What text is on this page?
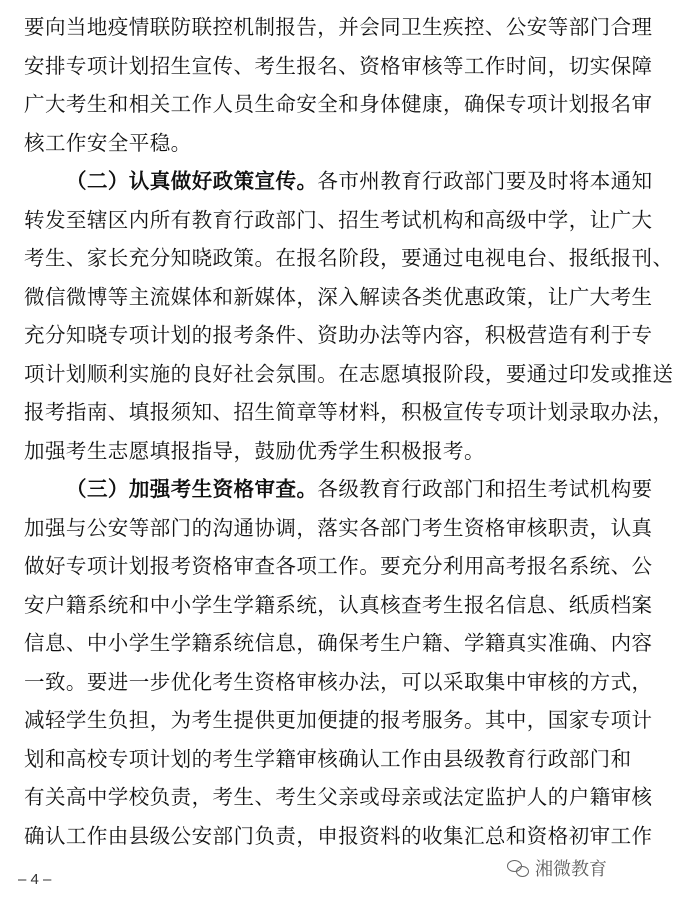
要向当地疫情联防联控机制报告，并会同卫生疾控、公安等部门合理
安排专项计划招生宣传、考生报名、资格审核等工作时间，切实保障
广大考生和相关工作人员生命安全和身体健康，确保专项计划报名审
核工作安全平稳。
（二）认真做好政策宣传。各市州教育行政部门要及时将本通知
转发至辖区内所有教育行政部门、招生考试机构和高级中学，让广大
考生、家长充分知晓政策。在报名阶段，要通过电视电台、报纸报刊、
微信微博等主流媒体和新媒体，深入解读各类优惠政策，让广大考生
充分知晓专项计划的报考条件、资助办法等内容，积极营造有利于专
项计划顺利实施的良好社会氛围。在志愿填报阶段，要通过印发或推送
报考指南、填报须知、招生简章等材料，积极宣传专项计划录取办法，
加强考生志愿填报指导，鼓励优秀学生积极报考。
（三）加强考生资格审查。各级教育行政部门和招生考试机构要
加强与公安等部门的沟通协调，落实各部门考生资格审核职责，认真
做好专项计划报考资格审查各项工作。要充分利用高考报名系统、公
安户籍系统和中小学生学籍系统，认真核查考生报名信息、纸质档案
信息、中小学生学籍系统信息，确保考生户籍、学籍真实准确、内容
一致。要进一步优化考生资格审核办法，可以采取集中审核的方式，
减轻学生负担，为考生提供更加便捷的报考服务。其中，国家专项计
划和高校专项计划的考生学籍审核确认工作由县级教育行政部门和
有关高中学校负责，考生、考生父亲或母亲或法定监护人的户籍审核
确认工作由县级公安部门负责，申报资料的收集汇总和资格初审工作
– 4 –
湘微教育
